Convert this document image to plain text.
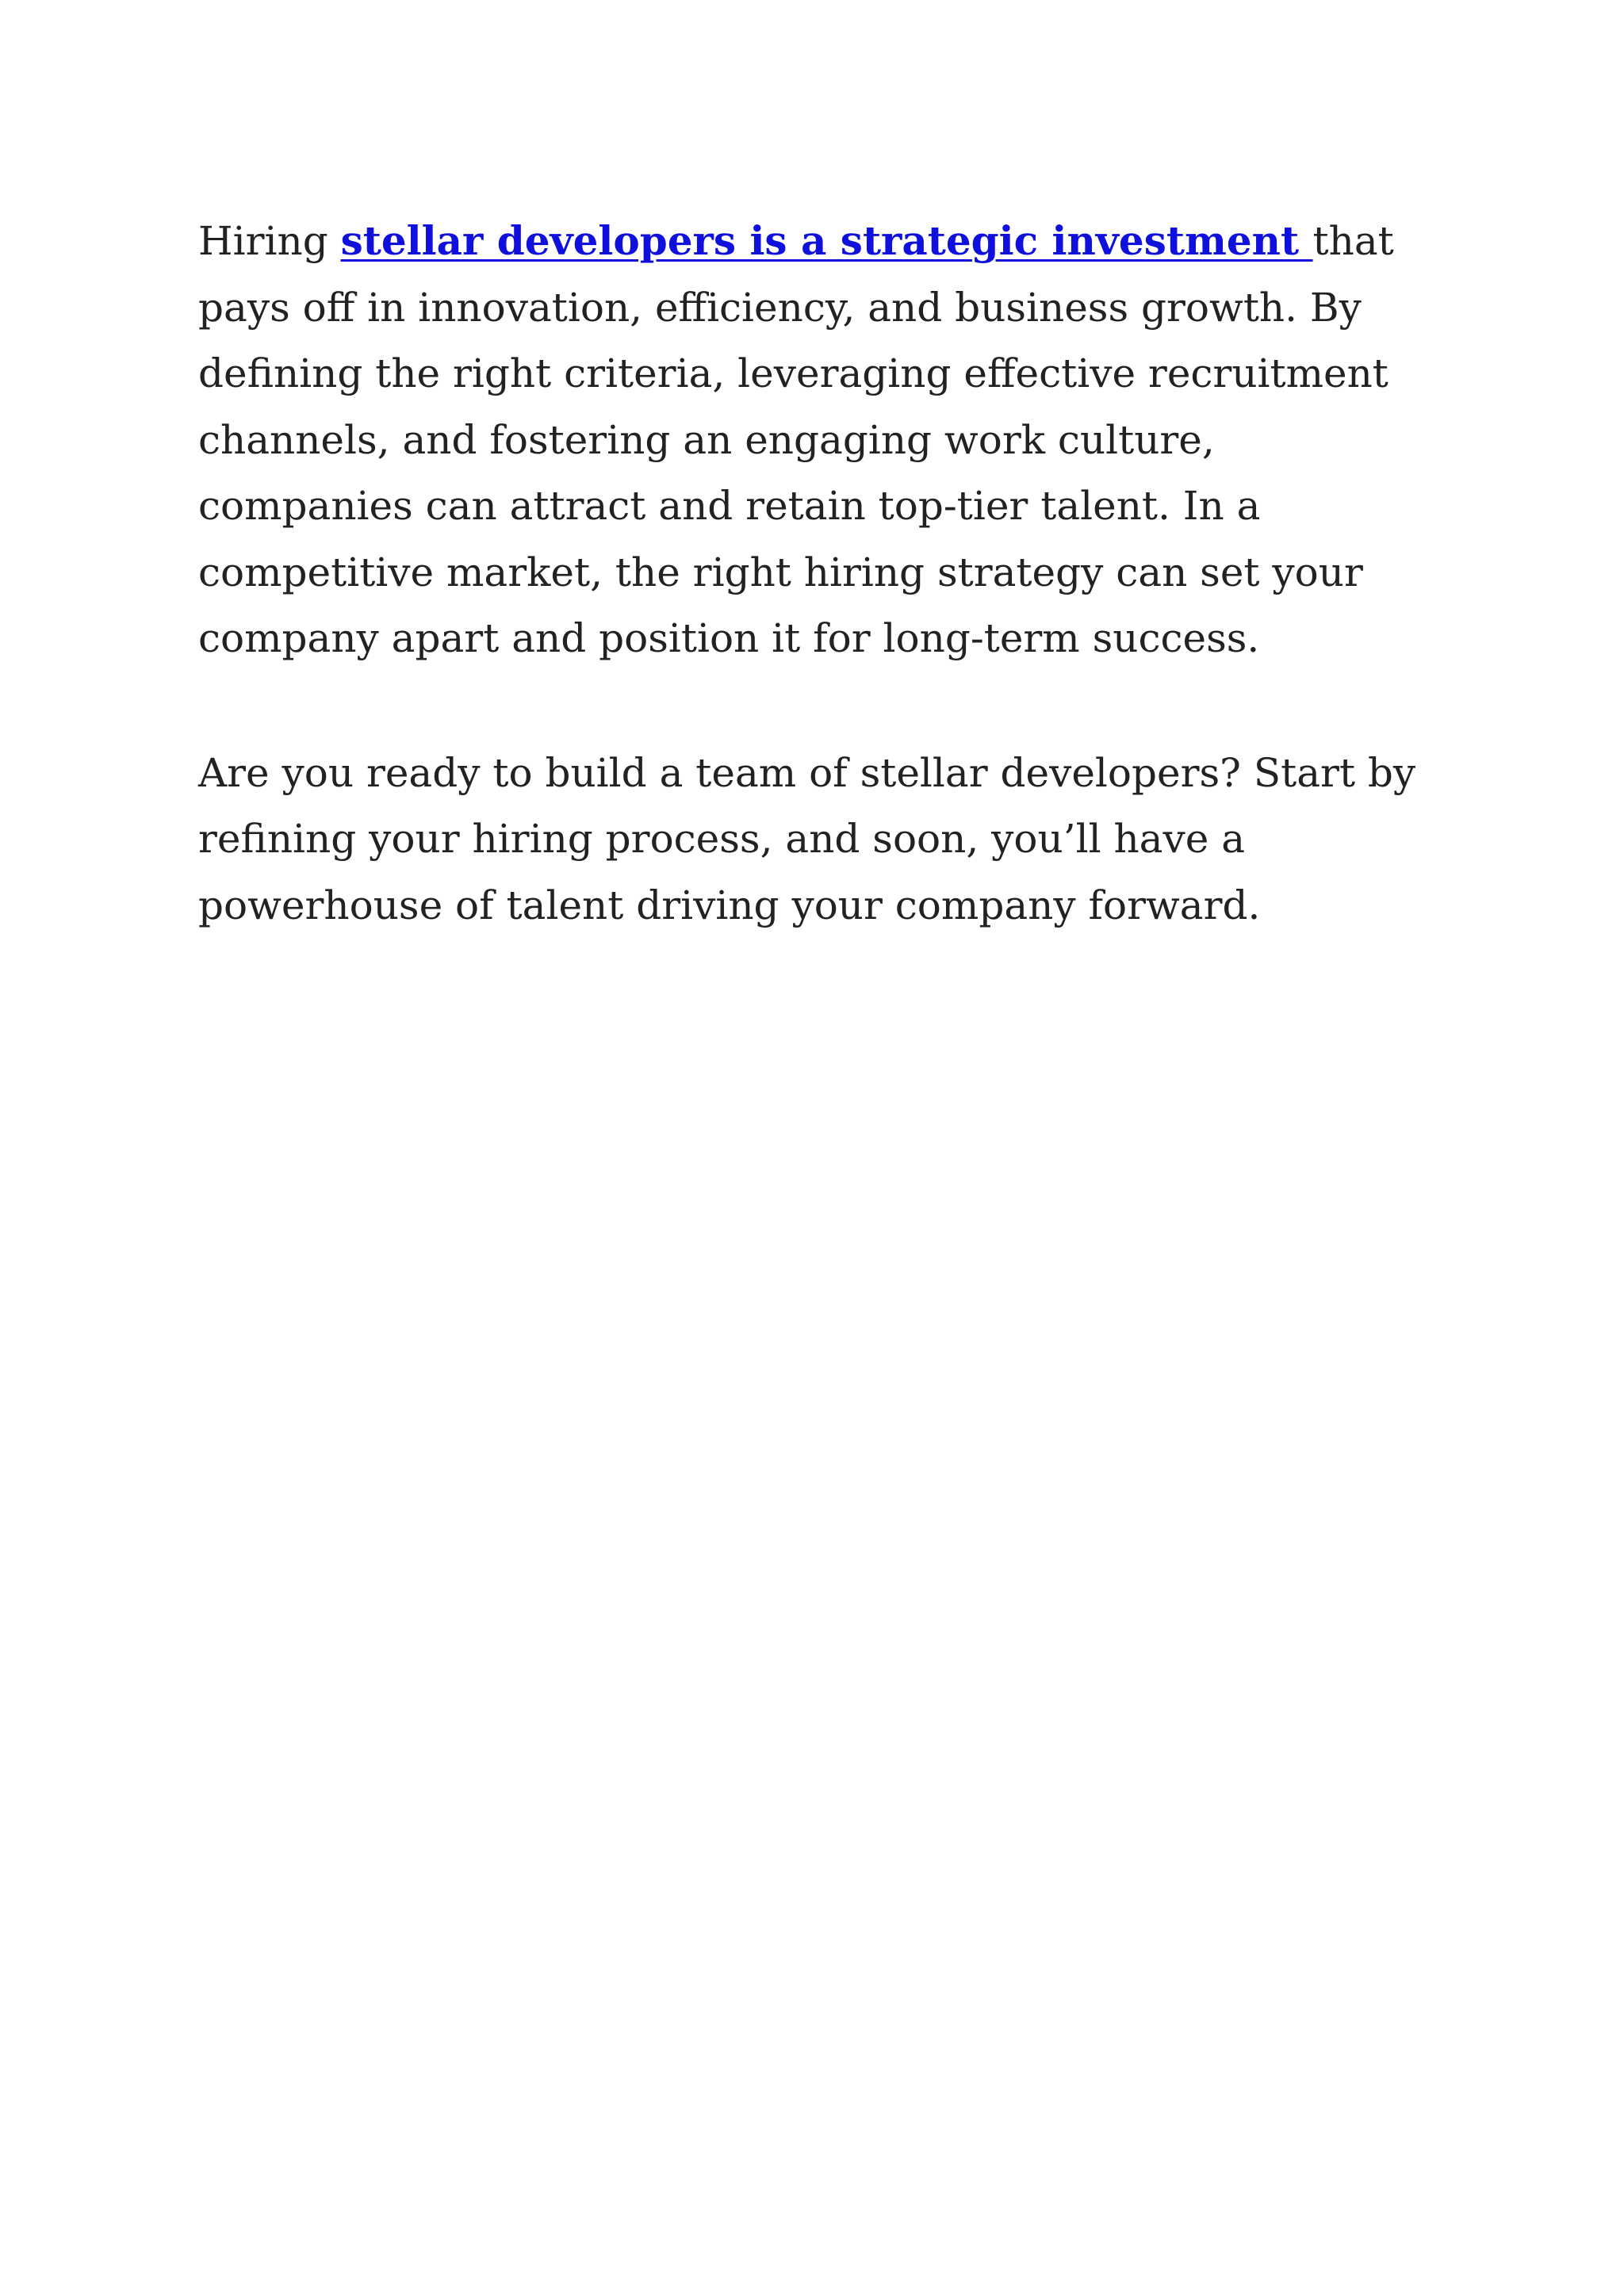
Hiring stellar developers is a strategic investment that pays off in innovation, efficiency, and business growth. By defining the right criteria, leveraging effective recruitment channels, and fostering an engaging work culture, companies can attract and retain top-tier talent. In a competitive market, the right hiring strategy can set your company apart and position it for long-term success.

Are you ready to build a team of stellar developers? Start by refining your hiring process, and soon, you’ll have a powerhouse of talent driving your company forward.
